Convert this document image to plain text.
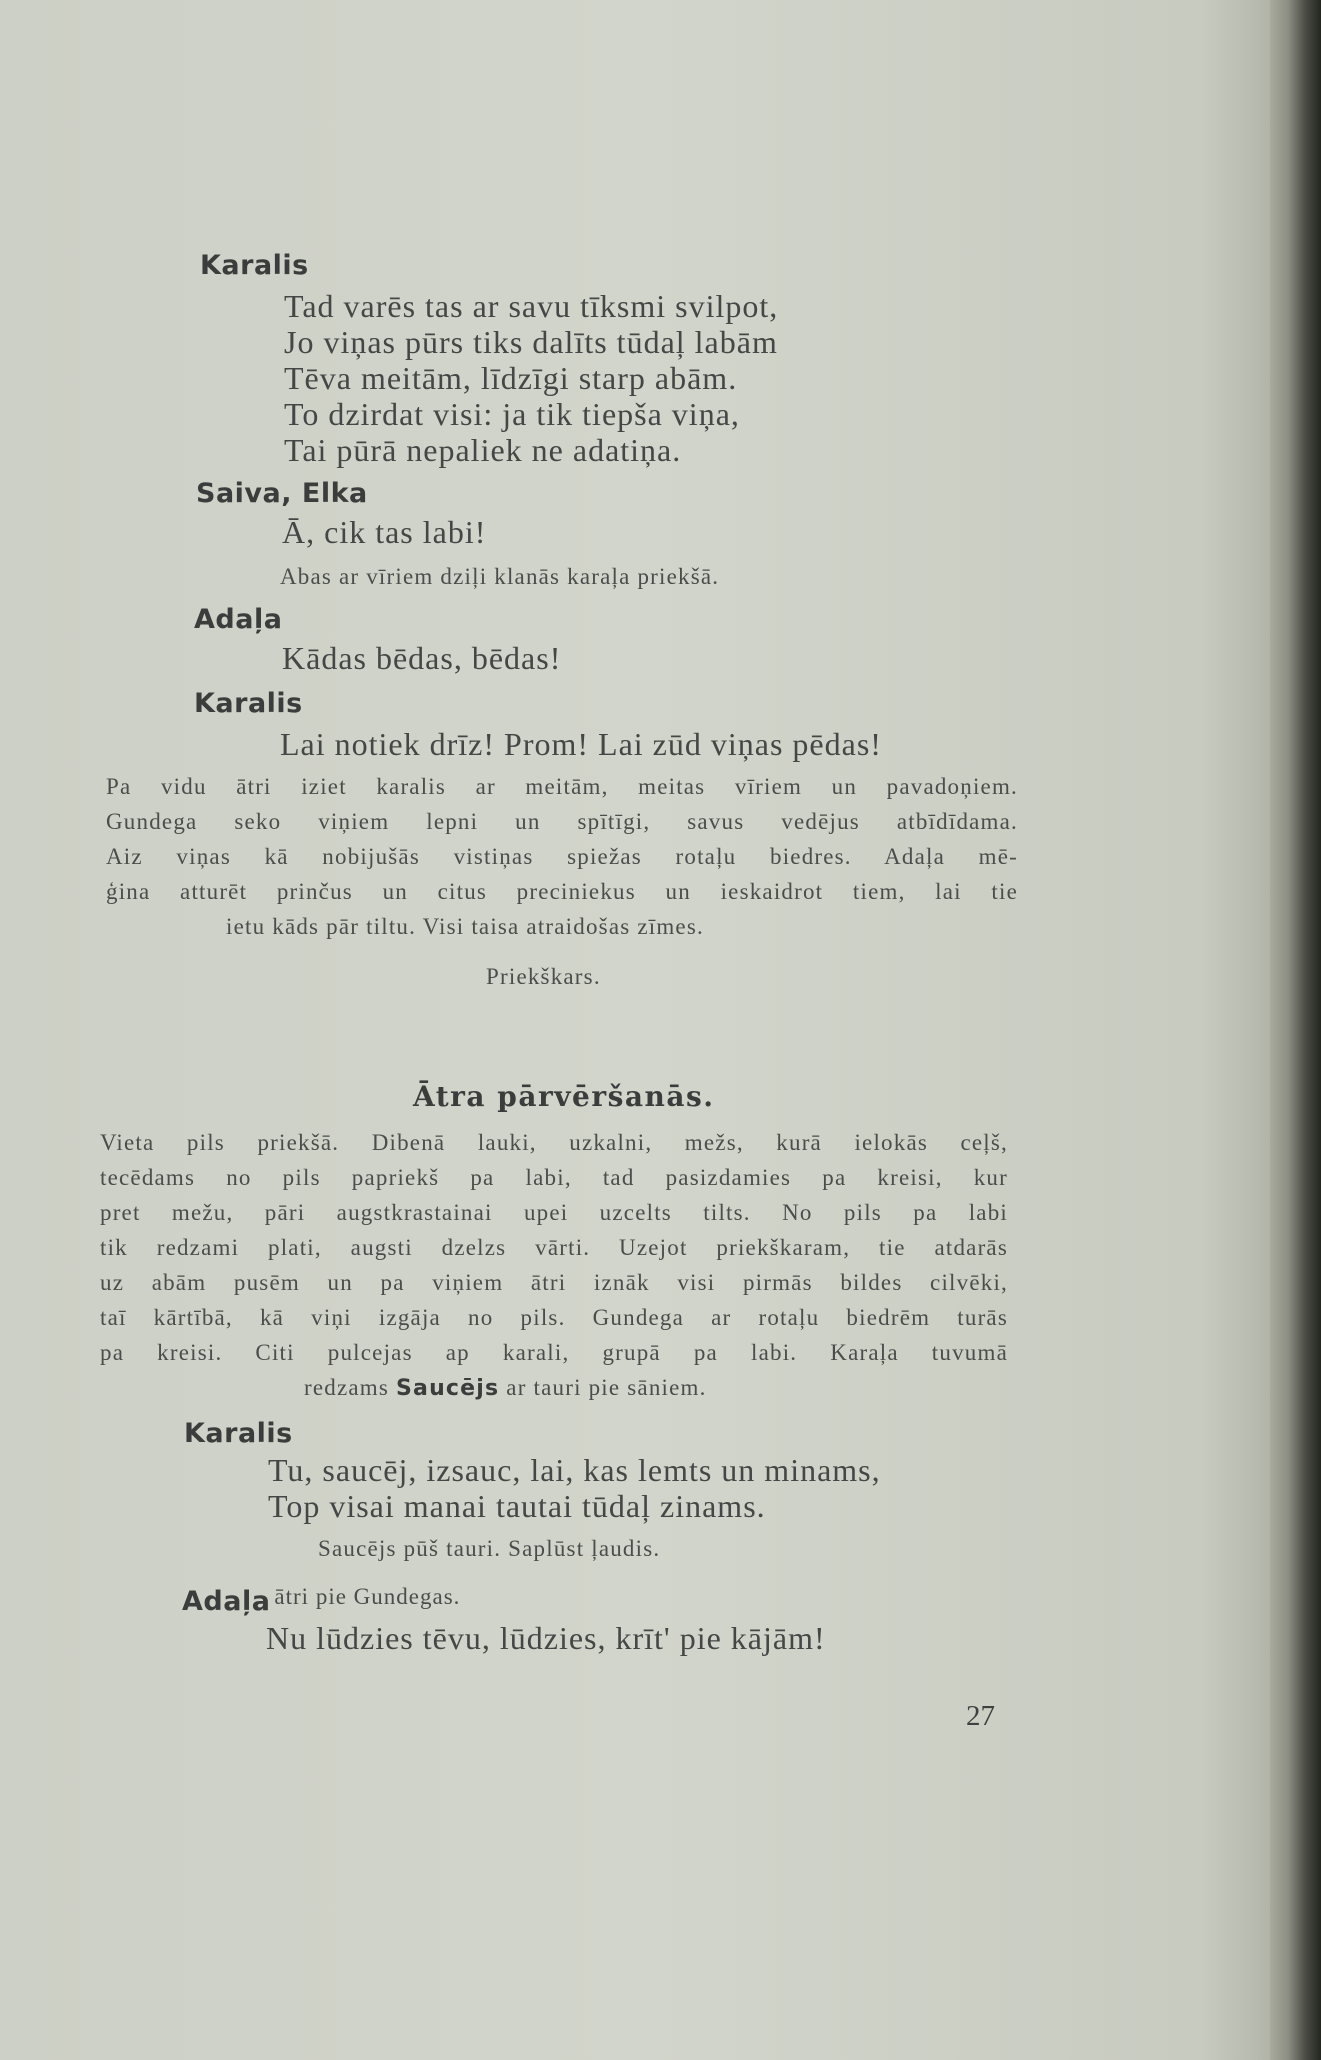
Karalis
Tad varēs tas ar savu tīksmi svilpot,
Jo viņas pūrs tiks dalīts tūdaļ labām
Tēva meitām, līdzīgi starp abām.
To dzirdat visi: ja tik tiepša viņa,
Tai pūrā nepaliek ne adatiņa.
Saiva, Elka
Ā, cik tas labi!
Abas ar vīriem dziļi klanās karaļa priekšā.
Adaļa
Kādas bēdas, bēdas!
Karalis
Lai notiek drīz! Prom! Lai zūd viņas pēdas!
Pa vidu ātri iziet karalis ar meitām, meitas vīriem un pavadoņiem.
Gundega seko viņiem lepni un spītīgi, savus vedējus atbīdīdama.
Aiz viņas kā nobijušās vistiņas spiežas rotaļu biedres. Adaļa mē-
ģina atturēt prinčus un citus preciniekus un ieskaidrot tiem, lai tie
ietu kāds pār tiltu. Visi taisa atraidošas zīmes.
Priekškars.
Ātra pārvēršanās.
Vieta pils priekšā. Dibenā lauki, uzkalni, mežs, kurā ielokās ceļš,
tecēdams no pils papriekš pa labi, tad pasizdamies pa kreisi, kur
pret mežu, pāri augstkrastainai upei uzcelts tilts. No pils pa labi
tik redzami plati, augsti dzelzs vārti. Uzejot priekškaram, tie atdarās
uz abām pusēm un pa viņiem ātri iznāk visi pirmās bildes cilvēki,
taī kārtībā, kā viņi izgāja no pils. Gundega ar rotaļu biedrēm turās
pa kreisi. Citi pulcejas ap karali, grupā pa labi. Karaļa tuvumā
redzams Saucējs ar tauri pie sāniem.
Karalis
Tu, saucēj, izsauc, lai, kas lemts un minams,
Top visai manai tautai tūdaļ zinams.
Saucējs pūš tauri. Saplūst ļaudis.
Adaļa ātri pie Gundegas.
Nu lūdzies tēvu, lūdzies, krīt' pie kājām!
27
